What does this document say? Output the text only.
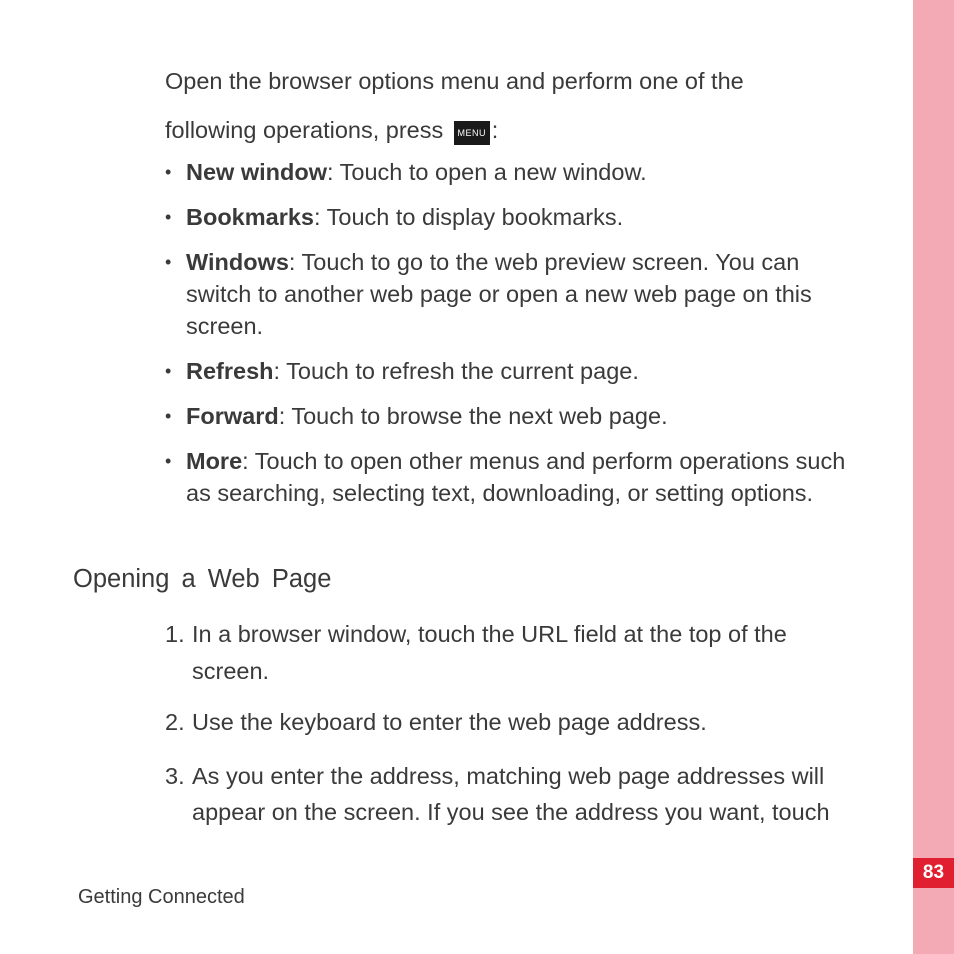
83
Open the browser options menu and perform one of the
following operations, press MENU :
• New window: Touch to open a new window.
• Bookmarks: Touch to display bookmarks.
• Windows: Touch to go to the web preview screen. You can switch to another web page or open a new web page on this screen.
• Refresh: Touch to refresh the current page.
• Forward: Touch to browse the next web page.
• More: Touch to open other menus and perform operations such as searching, selecting text, downloading, or setting options.
Opening a Web Page
1. In a browser window, touch the URL field at the top of the screen.
2. Use the keyboard to enter the web page address.
3. As you enter the address, matching web page addresses will appear on the screen. If you see the address you want, touch
Getting Connected
